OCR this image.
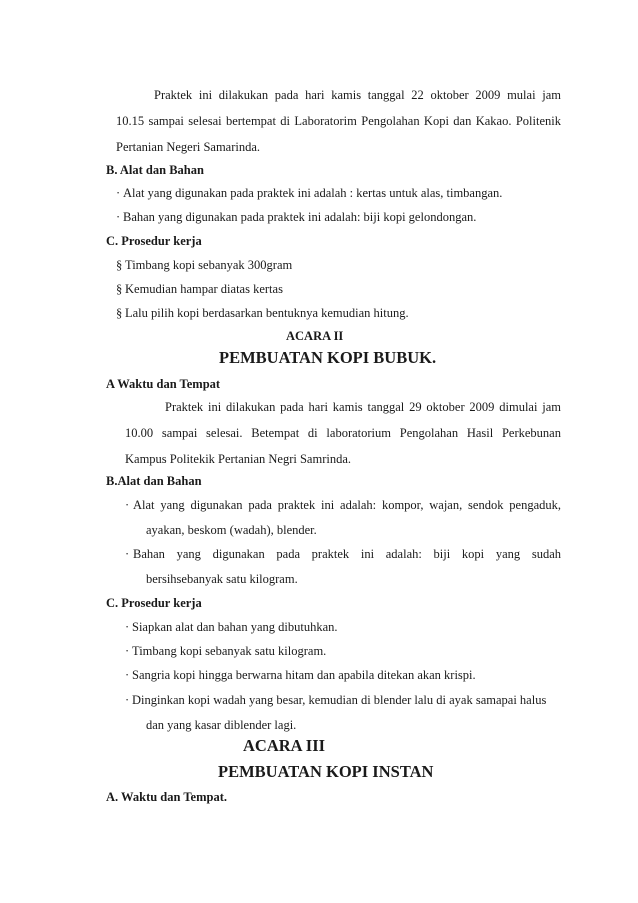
Praktek ini dilakukan pada hari kamis tanggal 22 oktober 2009 mulai jam
10.15 sampai selesai bertempat di Laboratorim Pengolahan Kopi dan Kakao. Politenik
Pertanian Negeri Samarinda.
B. Alat dan Bahan
· Alat yang digunakan pada praktek ini adalah : kertas untuk alas, timbangan.
· Bahan yang digunakan pada praktek ini adalah: biji kopi gelondongan.
C. Prosedur kerja
§ Timbang kopi sebanyak 300gram
§ Kemudian hampar diatas kertas
§ Lalu pilih kopi berdasarkan bentuknya kemudian hitung.
ACARA II
PEMBUATAN KOPI BUBUK.
A Waktu dan Tempat
Praktek ini dilakukan pada hari kamis tanggal 29 oktober 2009 dimulai jam
10.00 sampai selesai. Betempat di laboratorium Pengolahan Hasil Perkebunan
Kampus Politekik Pertanian Negri Samrinda.
B.Alat dan Bahan
· Alat yang digunakan pada praktek ini adalah: kompor, wajan, sendok pengaduk,
ayakan, beskom (wadah), blender.
· Bahan yang digunakan pada praktek ini adalah: biji kopi yang sudah
bersihsebanyak satu kilogram.
C. Prosedur kerja
· Siapkan alat dan bahan yang dibutuhkan.
· Timbang kopi sebanyak satu kilogram.
· Sangria kopi hingga berwarna hitam dan apabila ditekan akan krispi.
· Dinginkan kopi wadah yang besar, kemudian di blender lalu di ayak samapai halus
dan yang kasar diblender lagi.
ACARA III
PEMBUATAN KOPI INSTAN
A. Waktu dan Tempat.
